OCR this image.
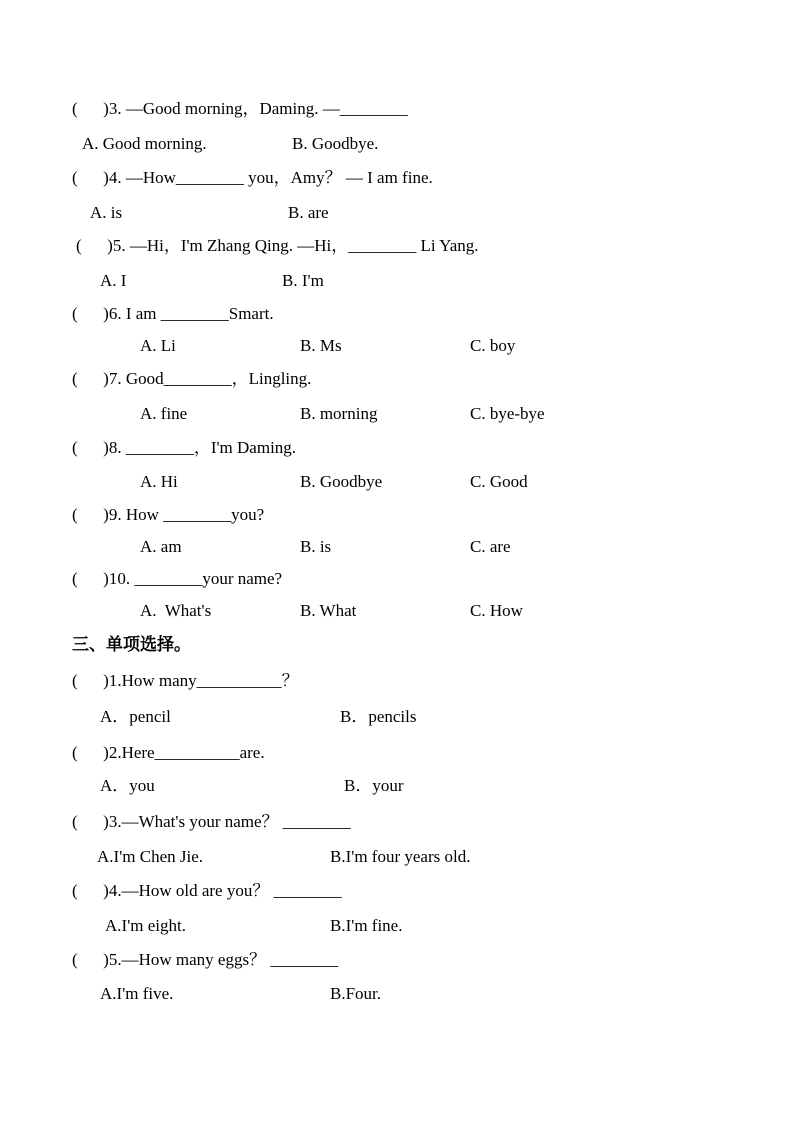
(      )3. —Good morning，Daming. —________
A. Good morning.	B. Goodbye.
(      )4. —How________ you，Amy？ — I am fine.
A. is	B. are
(      )5. —Hi，I'm Zhang Qing. —Hi，________ Li Yang.
A. I	B. I'm
(      )6. I am ________Smart.
A. Li	B. Ms	C. boy
(      )7. Good________，Lingling.
A. fine	B. morning	C. bye-bye
(      )8. ________，I'm Daming.
A. Hi	B. Goodbye	C. Good
(      )9. How ________you?
A. am	B. is	C. are
(      )10. ________your name?
A.  What's	B. What	C. How
三、单项选择。
(      )1.How many__________？
A．pencil	B．pencils
(      )2.Here__________are.
A．you	B．your
(      )3.—What's your name？ ________
A.I'm Chen Jie.	B.I'm four years old.
(      )4.—How old are you？ ________
A.I'm eight.	B.I'm fine.
(      )5.—How many eggs？ ________
A.I'm five.	B.Four.
